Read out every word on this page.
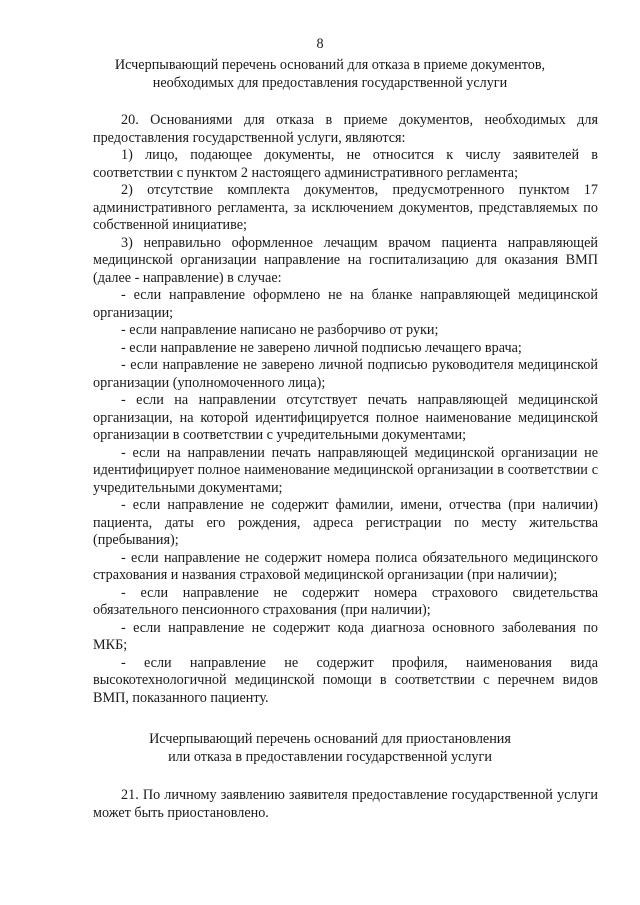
8
Исчерпывающий перечень оснований для отказа в приеме документов,
необходимых для предоставления государственной услуги

20. Основаниями для отказа в приеме документов, необходимых для предоставления государственной услуги, являются:

1) лицо, подающее документы, не относится к числу заявителей в соответствии с пунктом 2 настоящего административного регламента;

2) отсутствие комплекта документов, предусмотренного пунктом 17 административного регламента, за исключением документов, представляемых по собственной инициативе;

3) неправильно оформленное лечащим врачом пациента направляющей медицинской организации направление на госпитализацию для оказания ВМП (далее - направление) в случае:

- если направление оформлено не на бланке направляющей медицинской организации;

- если направление написано не разборчиво от руки;

- если направление не заверено личной подписью лечащего врача;

- если направление не заверено личной подписью руководителя медицинской организации (уполномоченного лица);

- если на направлении отсутствует печать направляющей медицинской организации, на которой идентифицируется полное наименование медицинской организации в соответствии с учредительными документами;

- если на направлении печать направляющей медицинской организации не идентифицирует полное наименование медицинской организации в соответствии с учредительными документами;

- если направление не содержит фамилии, имени, отчества (при наличии) пациента, даты его рождения, адреса регистрации по месту жительства (пребывания);

- если направление не содержит номера полиса обязательного медицинского страхования и названия страховой медицинской организации (при наличии);

- если направление не содержит номера страхового свидетельства обязательного пенсионного страхования (при наличии);

- если направление не содержит кода диагноза основного заболевания по МКБ;

- если направление не содержит профиля, наименования вида высокотехнологичной медицинской помощи в соответствии с перечнем видов ВМП, показанного пациенту.

Исчерпывающий перечень оснований для приостановления
или отказа в предоставлении государственной услуги

21. По личному заявлению заявителя предоставление государственной услуги может быть приостановлено.
